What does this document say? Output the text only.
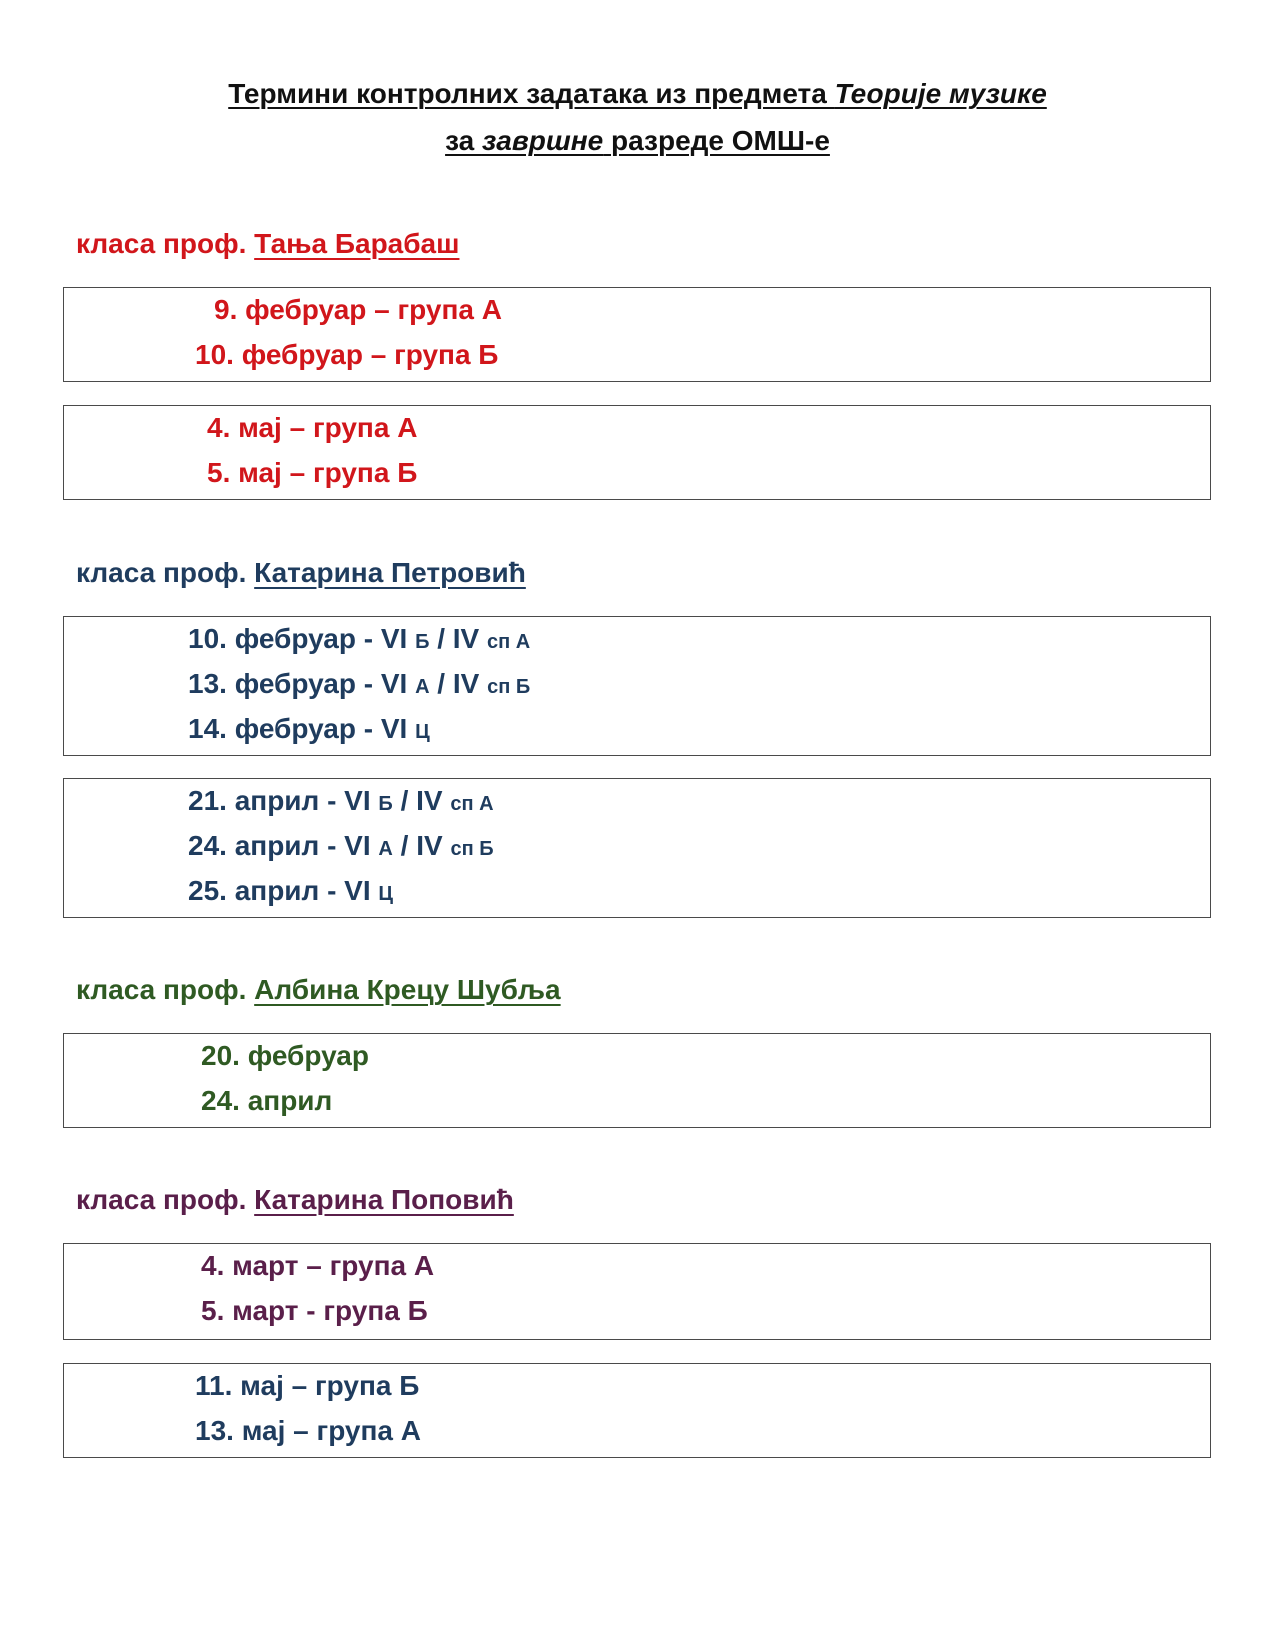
Термини контролних задатака из предмета Теорије музике
за завршне разреде ОМШ-е
класа проф. Тања Барабаш
9. фебруар – група А
10. фебруар – група Б
4. мај – група А
5. мај – група Б
класа проф. Катарина Петровић
10. фебруар - VI Б / IV сп А
13. фебруар - VI А / IV сп Б
14. фебруар - VI Ц
21. април - VI Б / IV сп А
24. април - VI А / IV сп Б
25. април - VI Ц
класа проф. Албина Крецу Шубља
20. фебруар
24. април
класа проф. Катарина Поповић
4. март – група А
5. март - група Б
11. мај – група Б
13. мај – група А
